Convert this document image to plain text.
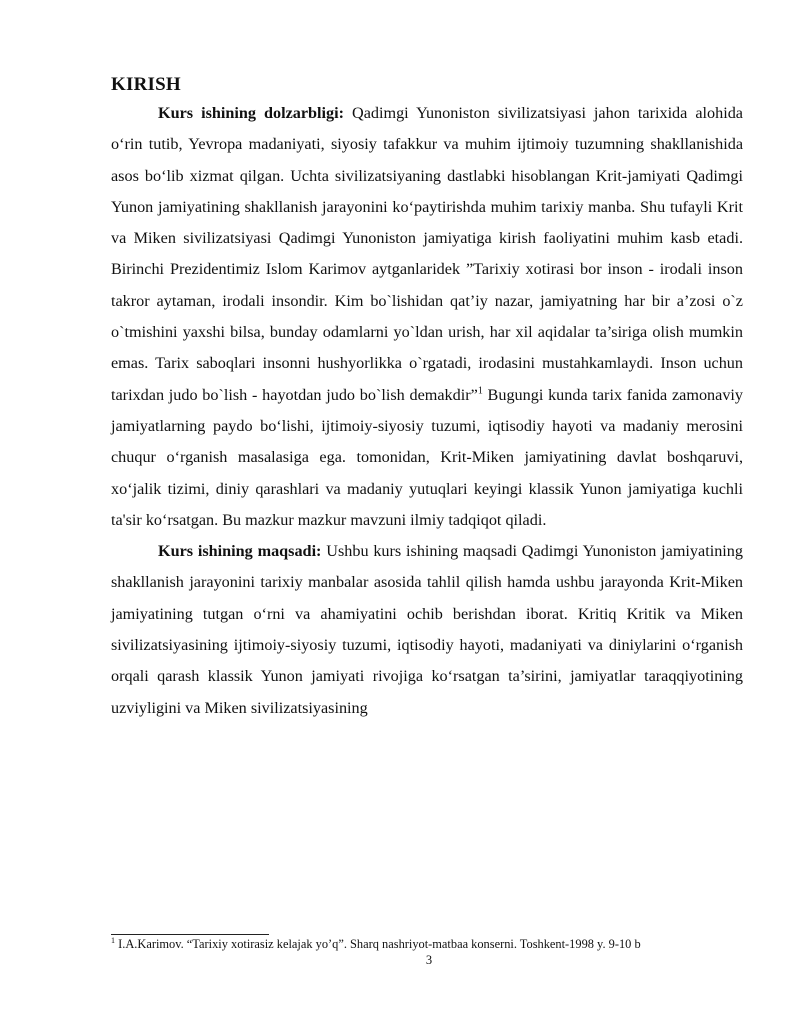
KIRISH

Kurs ishining dolzarbligi: Qadimgi Yunoniston sivilizatsiyasi jahon tarixida alohida o‘rin tutib, Yevropa madaniyati, siyosiy tafakkur va muhim ijtimoiy tuzumning shakllanishida asos bo‘lib xizmat qilgan. Uchta sivilizatsiyaning dastlabki hisoblangan Krit-jamiyati Qadimgi Yunon jamiyatining shakllanish jarayonini ko‘paytirishda muhim tarixiy manba. Shu tufayli Krit va Miken sivilizatsiyasi Qadimgi Yunoniston jamiyatiga kirish faoliyatini muhim kasb etadi. Birinchi Prezidentimiz Islom Karimov aytganlaridek ”Tarixiy xotirasi bor inson - irodali inson takror aytaman, irodali insondir. Kim bo`lishidan qat’iy nazar, jamiyatning har bir a’zosi o`z o`tmishini yaxshi bilsa, bunday odamlarni yo`ldan urish, har xil aqidalar ta’siriga olish mumkin emas. Tarix saboqlari insonni hushyorlikka o`rgatadi, irodasini mustahkamlaydi. Inson uchun tarixdan judo bo`lish - hayotdan judo bo`lish demakdir”$^1$ Bugungi kunda tarix fanida zamonaviy jamiyatlarning paydo bo‘lishi, ijtimoiy-siyosiy tuzumi, iqtisodiy hayoti va madaniy merosini chuqur o‘rganish masalasiga ega. tomonidan, Krit-Miken jamiyatining davlat boshqaruvi, xo‘jalik tizimi, diniy qarashlari va madaniy yutuqlari keyingi klassik Yunon jamiyatiga kuchli ta'sir ko‘rsatgan. Bu mazkur mazkur mavzuni ilmiy tadqiqot qiladi.

Kurs ishining maqsadi: Ushbu kurs ishining maqsadi Qadimgi Yunoniston jamiyatining shakllanish jarayonini tarixiy manbalar asosida tahlil qilish hamda ushbu jarayonda Krit-Miken jamiyatining tutgan o‘rni va ahamiyatini ochib berishdan iborat. Kritiq Kritik va Miken sivilizatsiyasining ijtimoiy-siyosiy tuzumi, iqtisodiy hayoti, madaniyati va diniylarini o‘rganish orqali qarash klassik Yunon jamiyati rivojiga ko‘rsatgan ta’sirini, jamiyatlar taraqqiyotining uzviyligini va Miken sivilizatsiyasining

$^1$ I.A.Karimov. “Tarixiy xotirasiz kelajak yo’q”. Sharq nashriyot-matbaa konserni. Toshkent-1998 y. 9-10 b

3
